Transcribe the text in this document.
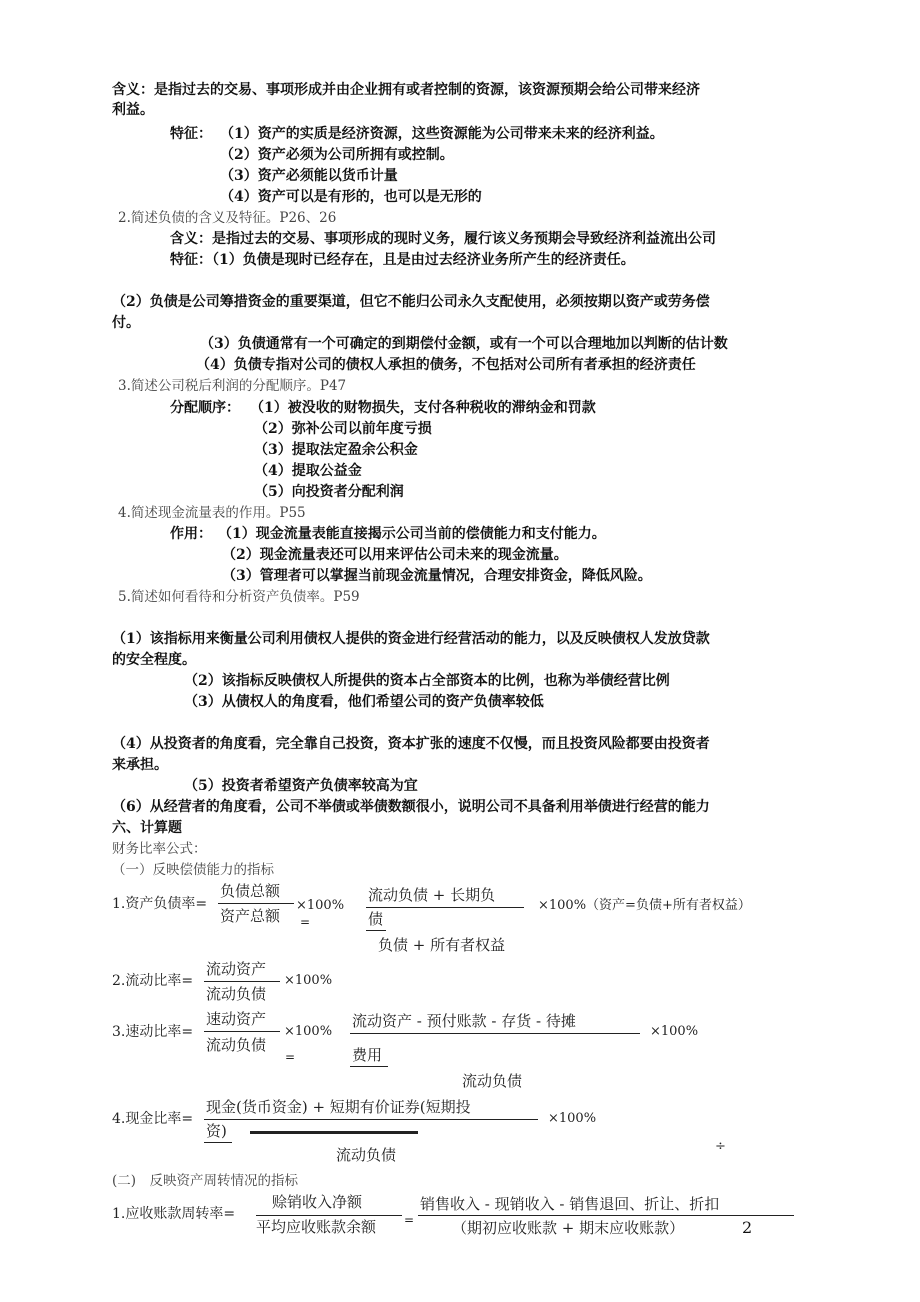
含义：是指过去的交易、事项形成并由企业拥有或者控制的资源，该资源预期会给公司带来经济
利益。
特征： （1）资产的实质是经济资源，这些资源能为公司带来未来的经济利益。
（2）资产必须为公司所拥有或控制。
（3）资产必须能以货币计量
（4）资产可以是有形的，也可以是无形的
2.简述负债的含义及特征。P26、26
含义：是指过去的交易、事项形成的现时义务，履行该义务预期会导致经济利益流出公司
特征：（1）负债是现时已经存在，且是由过去经济业务所产生的经济责任。
（2）负债是公司筹措资金的重要渠道，但它不能归公司永久支配使用，必须按期以资产或劳务偿
付。
（3）负债通常有一个可确定的到期偿付金额，或有一个可以合理地加以判断的估计数
（4）负债专指对公司的债权人承担的债务，不包括对公司所有者承担的经济责任
3.简述公司税后利润的分配顺序。P47
分配顺序： （1）被没收的财物损失，支付各种税收的滞纳金和罚款
（2）弥补公司以前年度亏损
（3）提取法定盈余公积金
（4）提取公益金
（5）向投资者分配利润
4.简述现金流量表的作用。P55
作用： （1）现金流量表能直接揭示公司当前的偿债能力和支付能力。
（2）现金流量表还可以用来评估公司未来的现金流量。
（3）管理者可以掌握当前现金流量情况，合理安排资金，降低风险。
5.简述如何看待和分析资产负债率。P59
（1）该指标用来衡量公司利用债权人提供的资金进行经营活动的能力，以及反映债权人发放贷款
的安全程度。
（2）该指标反映债权人所提供的资本占全部资本的比例，也称为举债经营比例
（3）从债权人的角度看，他们希望公司的资产负债率较低
（4）从投资者的角度看，完全靠自己投资，资本扩张的速度不仅慢，而且投资风险都要由投资者
来承担。
（5）投资者希望资产负债率较高为宜
（6）从经营者的角度看，公司不举债或举债数额很小，说明公司不具备利用举债进行经营的能力
六、计算题
财务比率公式：
（一）反映偿债能力的指标
1.资产负债率=
负债总额
资产总额
×100%
=
流动负债 + 长期负
债
×100%（资产=负债+所有者权益）
负债 + 所有者权益
2.流动比率=
流动资产
流动负债
×100%
3.速动比率=
速动资产
流动负债
×100%
=
流动资产 - 预付账款 - 存货 - 待摊
费用
×100%
流动负债
4.现金比率=
现金(货币资金) + 短期有价证券(短期投
资)
×100%
流动负债	÷
(二)　反映资产周转情况的指标
1.应收账款周转率=
赊销收入净额
平均应收账款余额 =
销售收入 - 现销收入 - 销售退回、折让、折扣
（期初应收账款 + 期末应收账款）	2
